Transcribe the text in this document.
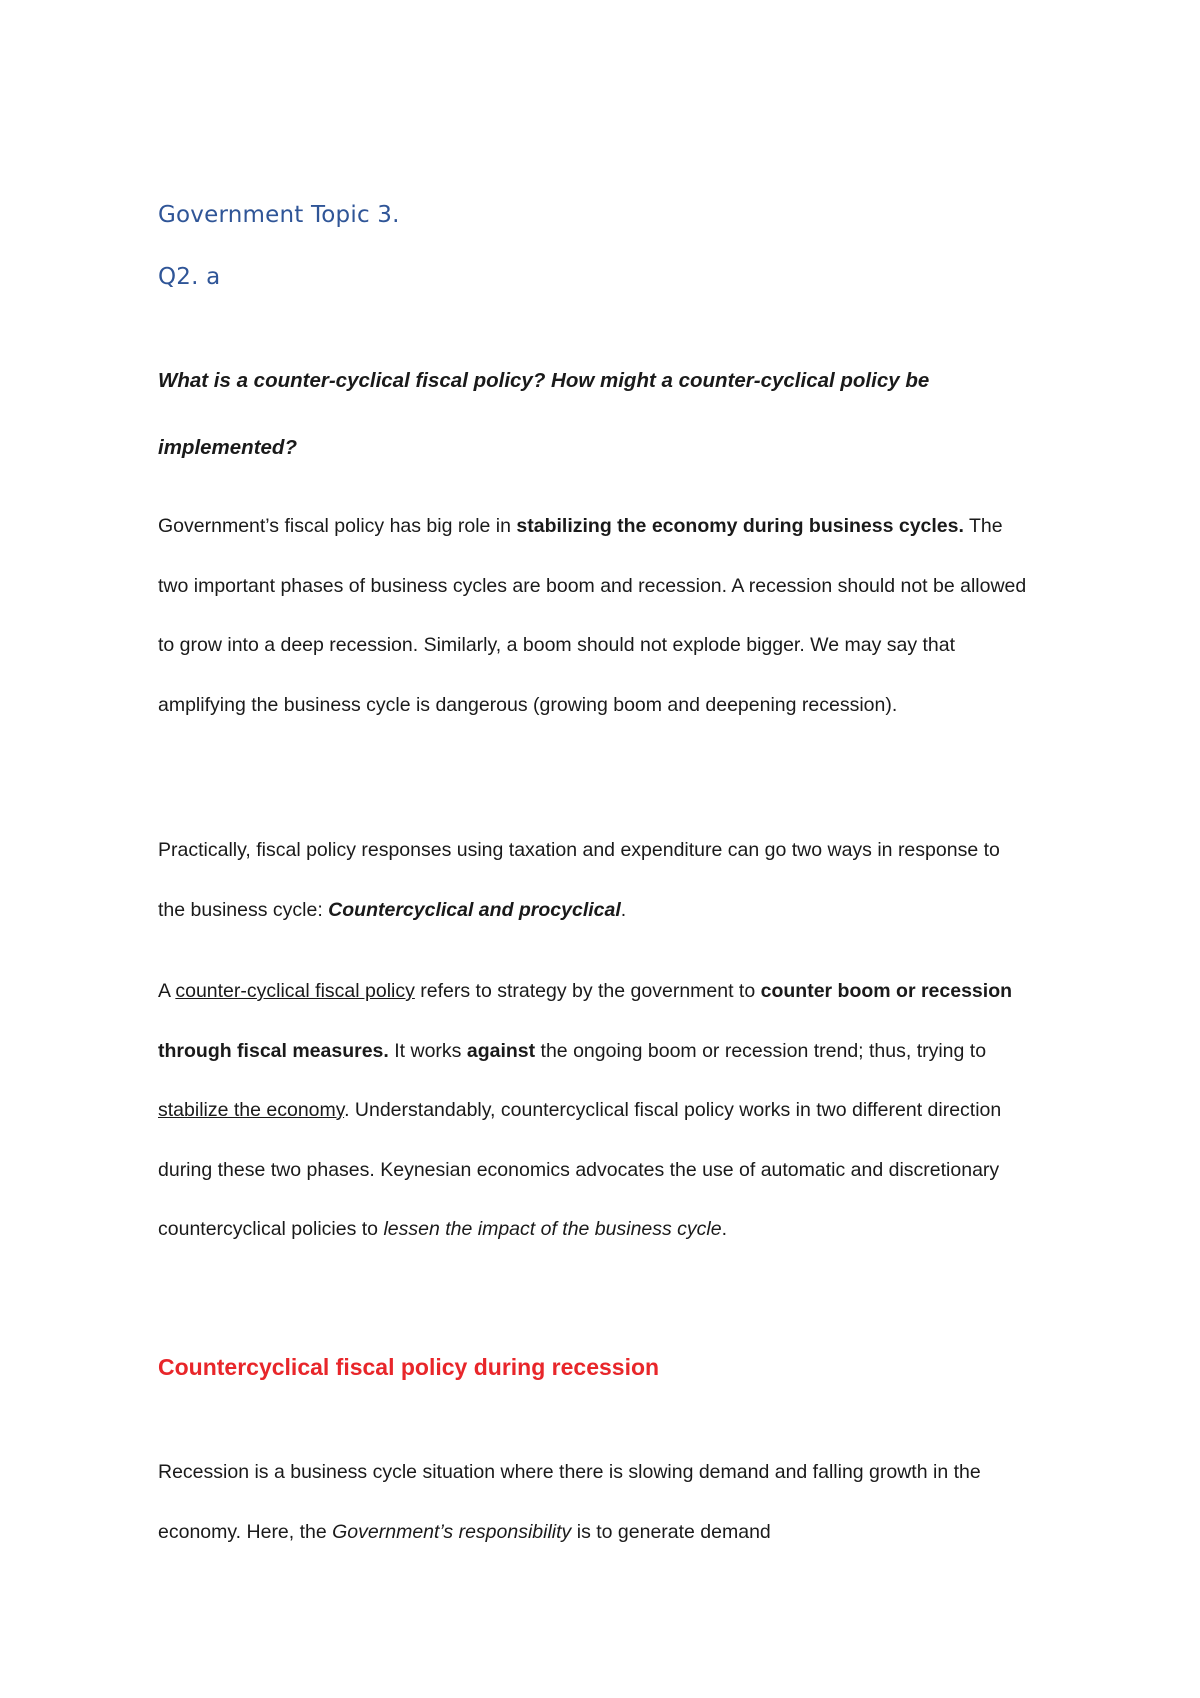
Government Topic 3.
Q2. a

What is a counter-cyclical fiscal policy? How might a counter-cyclical policy be implemented?

Government’s fiscal policy has big role in stabilizing the economy during business cycles. The two important phases of business cycles are boom and recession. A recession should not be allowed to grow into a deep recession. Similarly, a boom should not explode bigger. We may say that amplifying the business cycle is dangerous (growing boom and deepening recession).

Practically, fiscal policy responses using taxation and expenditure can go two ways in response to the business cycle: Countercyclical and procyclical.

A counter-cyclical fiscal policy refers to strategy by the government to counter boom or recession through fiscal measures. It works against the ongoing boom or recession trend; thus, trying to stabilize the economy. Understandably, countercyclical fiscal policy works in two different direction during these two phases. Keynesian economics advocates the use of automatic and discretionary countercyclical policies to lessen the impact of the business cycle.

Countercyclical fiscal policy during recession

Recession is a business cycle situation where there is slowing demand and falling growth in the economy. Here, the Government’s responsibility is to generate demand
